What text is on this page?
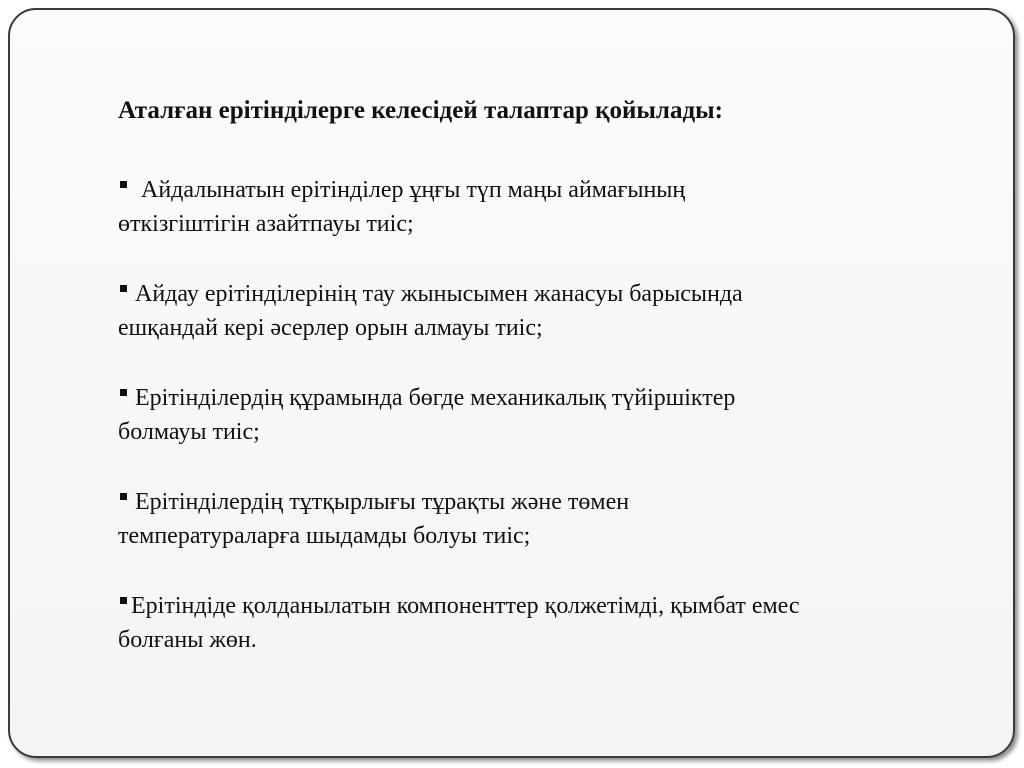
Аталған ерітінділерге келесідей талаптар қойылады:
Айдалынатын ерітінділер ұңғы түп маңы аймағының
өткізгіштігін азайтпауы тиіс;
Айдау ерітінділерінің тау жынысымен жанасуы барысында
ешқандай кері әсерлер орын алмауы тиіс;
Ерітінділердің құрамында бөгде механикалық түйіршіктер
болмауы тиіс;
Ерітінділердің тұтқырлығы тұрақты және төмен
температураларға шыдамды болуы тиіс;
Ерітіндіде қолданылатын компоненттер қолжетімді, қымбат емес
болғаны жөн.
